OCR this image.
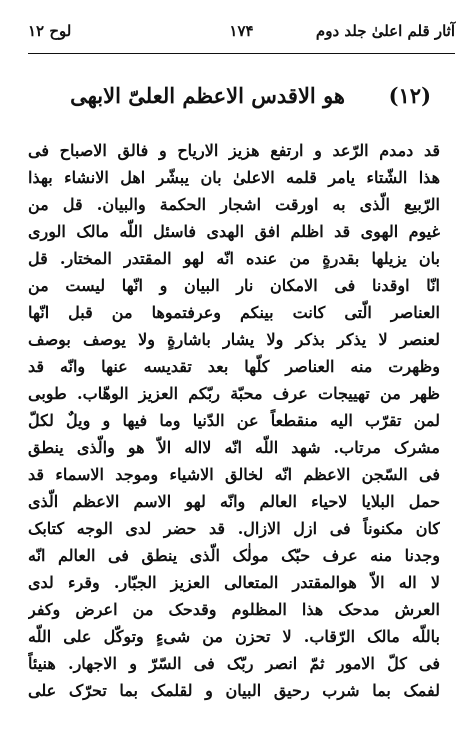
آثار قلم اعلیٰ جلد دوم
۱۷۴
لوح ۱۲
(۱۲)
هو الاقدس الاعظم العلیّ الابهی
قد دمدم الرّعد و ارتفع هزیز الاریاح و فالق الاصباح فی
هذا الشّتاء یامر قلمه الاعلیٰ بان یبشّر اهل الانشاء بهذا
الرّبیع الّذی به اورقت اشجار الحکمة والبیان. قل من
غیوم الهوی قد اظلم افق الهدی فاسئل اللّه مالک الوری
بان یزیلها بقدرةٍ من عنده انّه لهو المقتدر المختار. قل
انّا اوقدنا فی الامکان نار البیان و انّها لیست من
العناصر الّتی کانت بینکم وعرفتموها من قبل انّها
لعنصر لا یذکر بذکر ولا یشار باشارةٍ ولا یوصف بوصف
وظهرت منه العناصر کلّها بعد تقدیسه عنها وانّه قد
ظهر من تهییجات عرف محبّة ربّکم العزیز الوهّاب. طوبی
لمن تقرّب الیه منقطعاً عن الدّنیا وما فیها و ویلٌ لکلّ
مشرک مرتاب. شهد اللّه انّه لااله الاّ هو والّذی ینطق
فی السّجن الاعظم انّه لخالق الاشیاء وموجد الاسماء قد
حمل البلایا لاحیاء العالم وانّه لهو الاسم الاعظم الّذی
کان مکنوناً فی ازل الازال. قد حضر لدی الوجه کتابک
وجدنا منه عرف حبّک مولٰک الّذی ینطق فی العالم انّه
لا اله الاّ هوالمقتدر المتعالی العزیز الجبّار. وقرء لدی
العرش مدحک هذا المظلوم وقدحک من اعرض وکفر
باللّه مالک الرّقاب. لا تحزن من شیءٍ وتوکّل علی اللّه
فی کلّ الامور ثمّ انصر ربّک فی السّرّ و الاجهار. هنیئاً
لفمک بما شرب رحیق البیان و لقلمک بما تحرّک علی
